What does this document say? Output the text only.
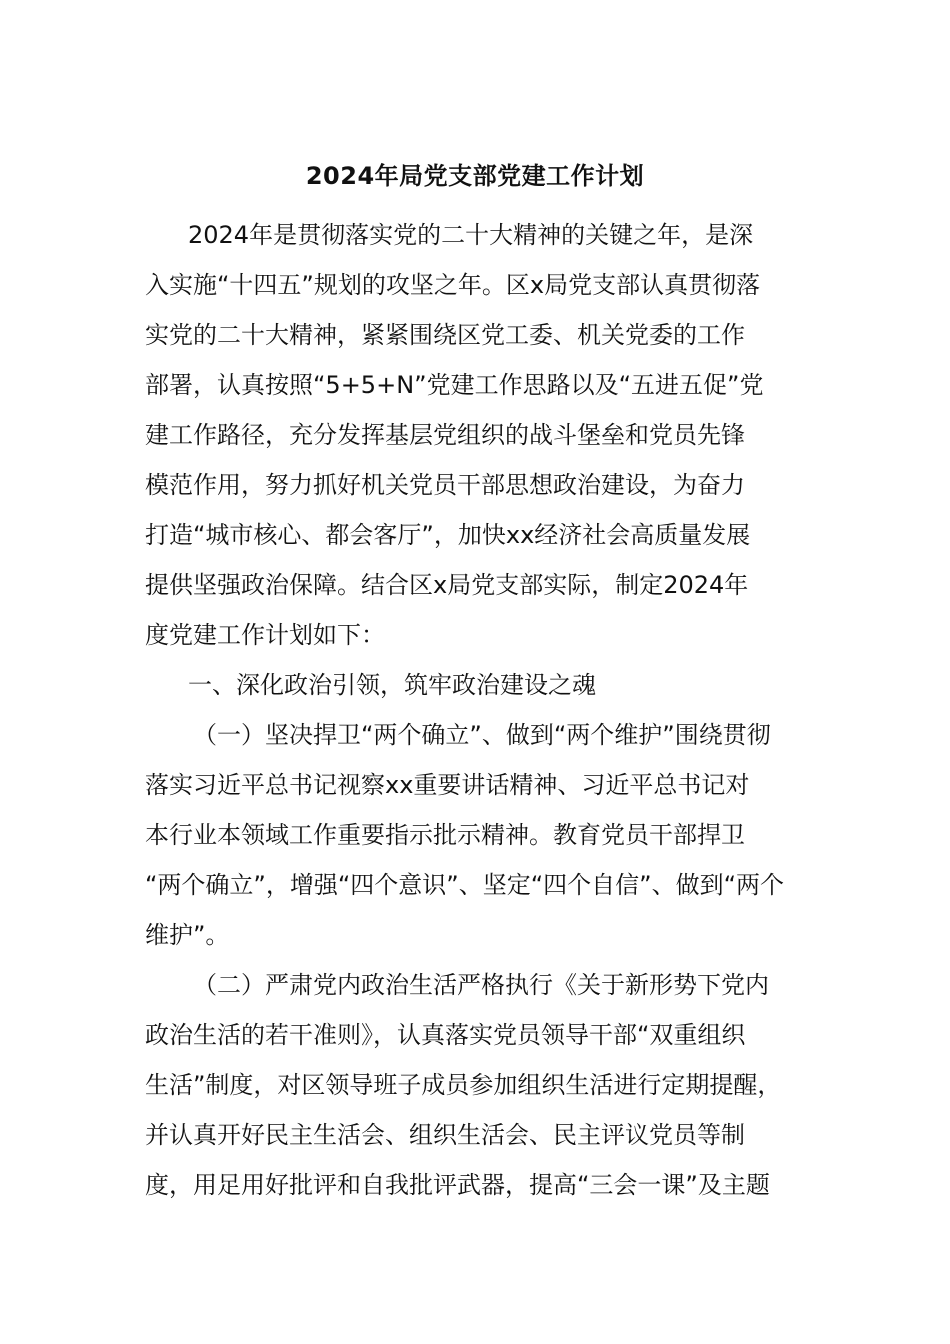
2024年局党支部党建工作计划
2024年是贯彻落实党的二十大精神的关键之年，是深
入实施“十四五”规划的攻坚之年。区x局党支部认真贯彻落
实党的二十大精神，紧紧围绕区党工委、机关党委的工作
部署，认真按照“5+5+N”党建工作思路以及“五进五促”党
建工作路径，充分发挥基层党组织的战斗堡垒和党员先锋
模范作用，努力抓好机关党员干部思想政治建设，为奋力
打造“城市核心、都会客厅”，加快xx经济社会高质量发展
提供坚强政治保障。结合区x局党支部实际，制定2024年
度党建工作计划如下：
一、深化政治引领，筑牢政治建设之魂
（一）坚决捍卫“两个确立”、做到“两个维护”围绕贯彻
落实习近平总书记视察xx重要讲话精神、习近平总书记对
本行业本领域工作重要指示批示精神。教育党员干部捍卫
“两个确立”，增强“四个意识”、坚定“四个自信”、做到“两个
维护”。
（二）严肃党内政治生活严格执行《关于新形势下党内
政治生活的若干准则》，认真落实党员领导干部“双重组织
生活”制度，对区领导班子成员参加组织生活进行定期提醒，
并认真开好民主生活会、组织生活会、民主评议党员等制
度，用足用好批评和自我批评武器，提高“三会一课”及主题
